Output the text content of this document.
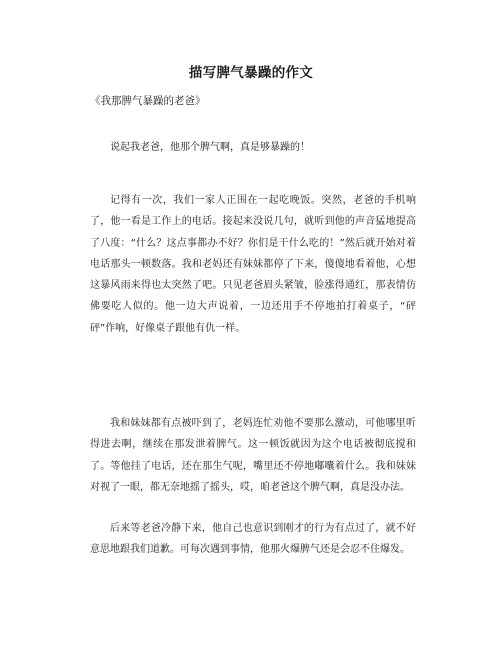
描写脾气暴躁的作文

《我那脾气暴躁的老爸》

说起我老爸，他那个脾气啊，真是够暴躁的！

记得有一次，我们一家人正围在一起吃晚饭。突然，老爸的手机响了，他一看是工作上的电话。接起来没说几句，就听到他的声音猛地提高了八度：“什么？这点事都办不好？你们是干什么吃的！”然后就开始对着电话那头一顿数落。我和老妈还有妹妹都停了下来，傻傻地看着他，心想这暴风雨来得也太突然了吧。只见老爸眉头紧皱，脸涨得通红，那表情仿佛要吃人似的。他一边大声说着，一边还用手不停地拍打着桌子，“砰砰”作响，好像桌子跟他有仇一样。

我和妹妹都有点被吓到了，老妈连忙劝他不要那么激动，可他哪里听得进去啊，继续在那发泄着脾气。这一顿饭就因为这个电话被彻底搅和了。等他挂了电话，还在那生气呢，嘴里还不停地嘟囔着什么。我和妹妹对视了一眼，都无奈地摇了摇头，哎，咱老爸这个脾气啊，真是没办法。

后来等老爸冷静下来，他自己也意识到刚才的行为有点过了，就不好意思地跟我们道歉。可每次遇到事情，他那火爆脾气还是会忍不住爆发。
